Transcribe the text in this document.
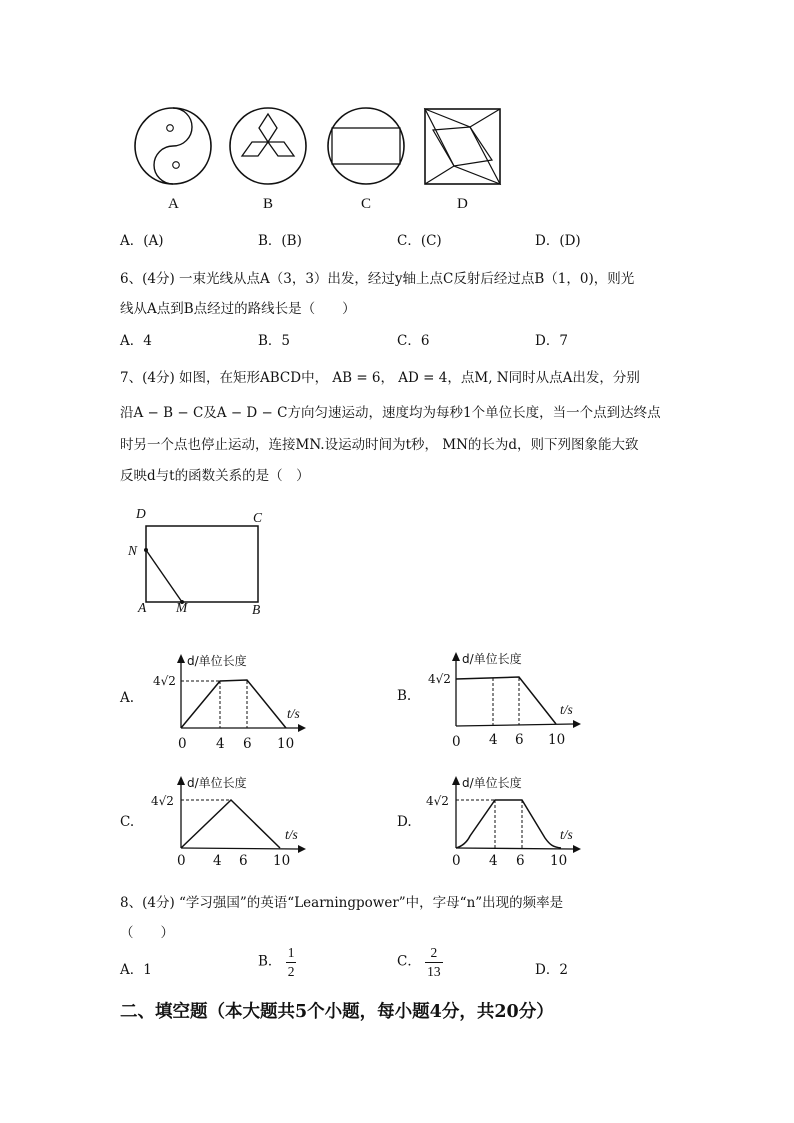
A	B	C	D
A．(A)	B．(B)	C．(C)	D．(D)
6、(4分) 一束光线从点A（3，3）出发，经过y轴上点C反射后经过点B（1，0)，则光
线从A点到B点经过的路线长是（　　）
A．4	B．5	C．6	D．7
7、(4分) 如图，在矩形ABCD中， AB = 6， AD = 4，点M, N同时从点A出发，分别
沿A − B − C及A − D − C方向匀速运动，速度均为每秒1个单位长度，当一个点到达终点
时另一个点也停止运动，连接MN.设运动时间为t秒， MN的长为d，则下列图象能大致
反映d与t的函数关系的是（　）
D	C
N
A M	B
A.	B.
C.	D.
d/单位长度
t/s
4√2
0 4 6 10
d/单位长度
t/s
4√2
0 4 6 10
d/单位长度
t/s
4√2
0 4 6 10
d/单位长度
t/s
4√2
0 4 6 10
8、(4分) “学习强国”的英语“Learningpower”中，字母“n”出现的频率是
（　　）
A．1
B． $\frac{1}{2}$	C． $\frac{2}{13}$	D．2
二、填空题（本大题共5个小题，每小题4分，共20分）
